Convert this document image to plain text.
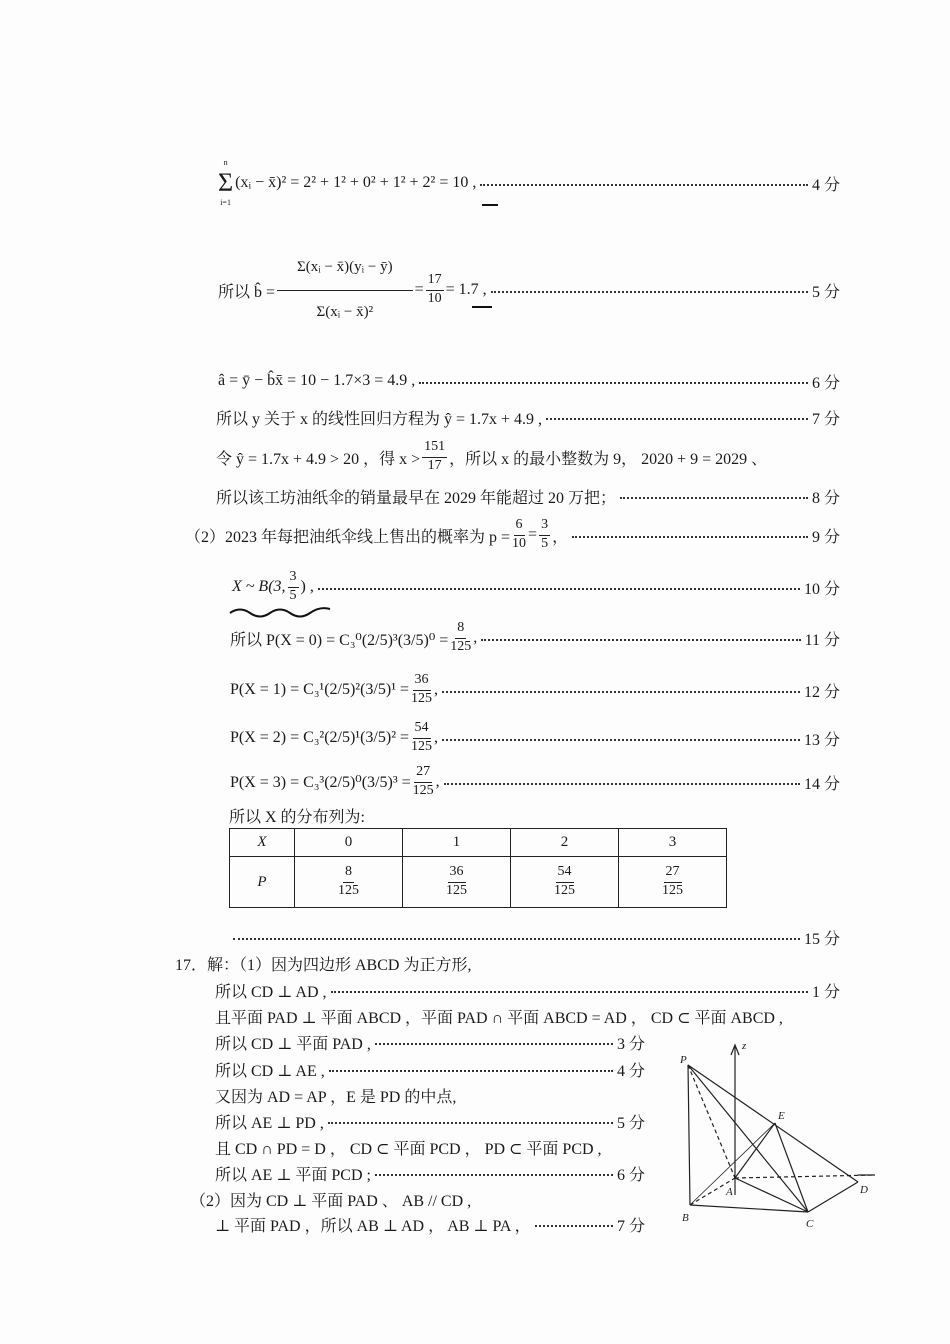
n
Σ
i=1
(xᵢ − x̄)² = 2² + 1² + 0² + 1² + 2² = 10 ,	4 分
所以 b̂ = $\frac{\text{Σ(xᵢ − x̄)(yᵢ − ȳ)}}{\text{Σ(xᵢ − x̄)²}} = \frac{17}{10} = 1.7$ ,	5 分
â = ȳ − b̂x̄ = 10 − 1.7×3 = 4.9 ,	6 分
所以 y 关于 x 的线性回归方程为 ŷ = 1.7x + 4.9 ,	7 分
令 ŷ = 1.7x + 4.9 > 20 ，得 $x > \frac{151}{17}$ ，所以 x 的最小整数为 9， 2020 + 9 = 2029 、
所以该工坊油纸伞的销量最早在 2029 年能超过 20 万把；	8 分
（2）2023 年每把油纸伞线上售出的概率为 $p = \frac{6}{10} = \frac{3}{5}$ ，	9 分
X ~ B(3, $\frac{3}{5}$ ) ,	10 分
所以 $P(X = 0) = C_3^0(2/5)^3(3/5)^0 = \frac{8}{125}$ ,	11 分
$P(X = 1) = C_3^1(2/5)^2(3/5)^1 = \frac{36}{125}$ ,	12 分
$P(X = 2) = C_3^2(2/5)^1(3/5)^2 = \frac{54}{125}$ ,	13 分
$P(X = 3) = C_3^3(2/5)^0(3/5)^3 = \frac{27}{125}$ ,	14 分
所以 X 的分布列为:
X	0	1	2	3
P	$\frac{8}{125}$	$\frac{36}{125}$	$\frac{54}{125}$	$\frac{27}{125}$
15 分
17．解：（1）因为四边形 ABCD 为正方形,
所以 CD ⊥ AD ,	1 分
且平面 PAD ⊥ 平面 ABCD ，平面 PAD ∩ 平面 ABCD = AD ， CD ⊂ 平面 ABCD ,
所以 CD ⊥ 平面 PAD ,	3 分
所以 CD ⊥ AE ,	4 分
又因为 AD = AP ，E 是 PD 的中点,
所以 AE ⊥ PD ,	5 分
且 CD ∩ PD = D ， CD ⊂ 平面 PCD ， PD ⊂ 平面 PCD ,
所以 AE ⊥ 平面 PCD ;	6 分
（2）因为 CD ⊥ 平面 PAD 、 AB // CD ,
⊥ 平面 PAD ，所以 AB ⊥ AD ， AB ⊥ PA ，	7 分
P
z
E
A	D
B	C
